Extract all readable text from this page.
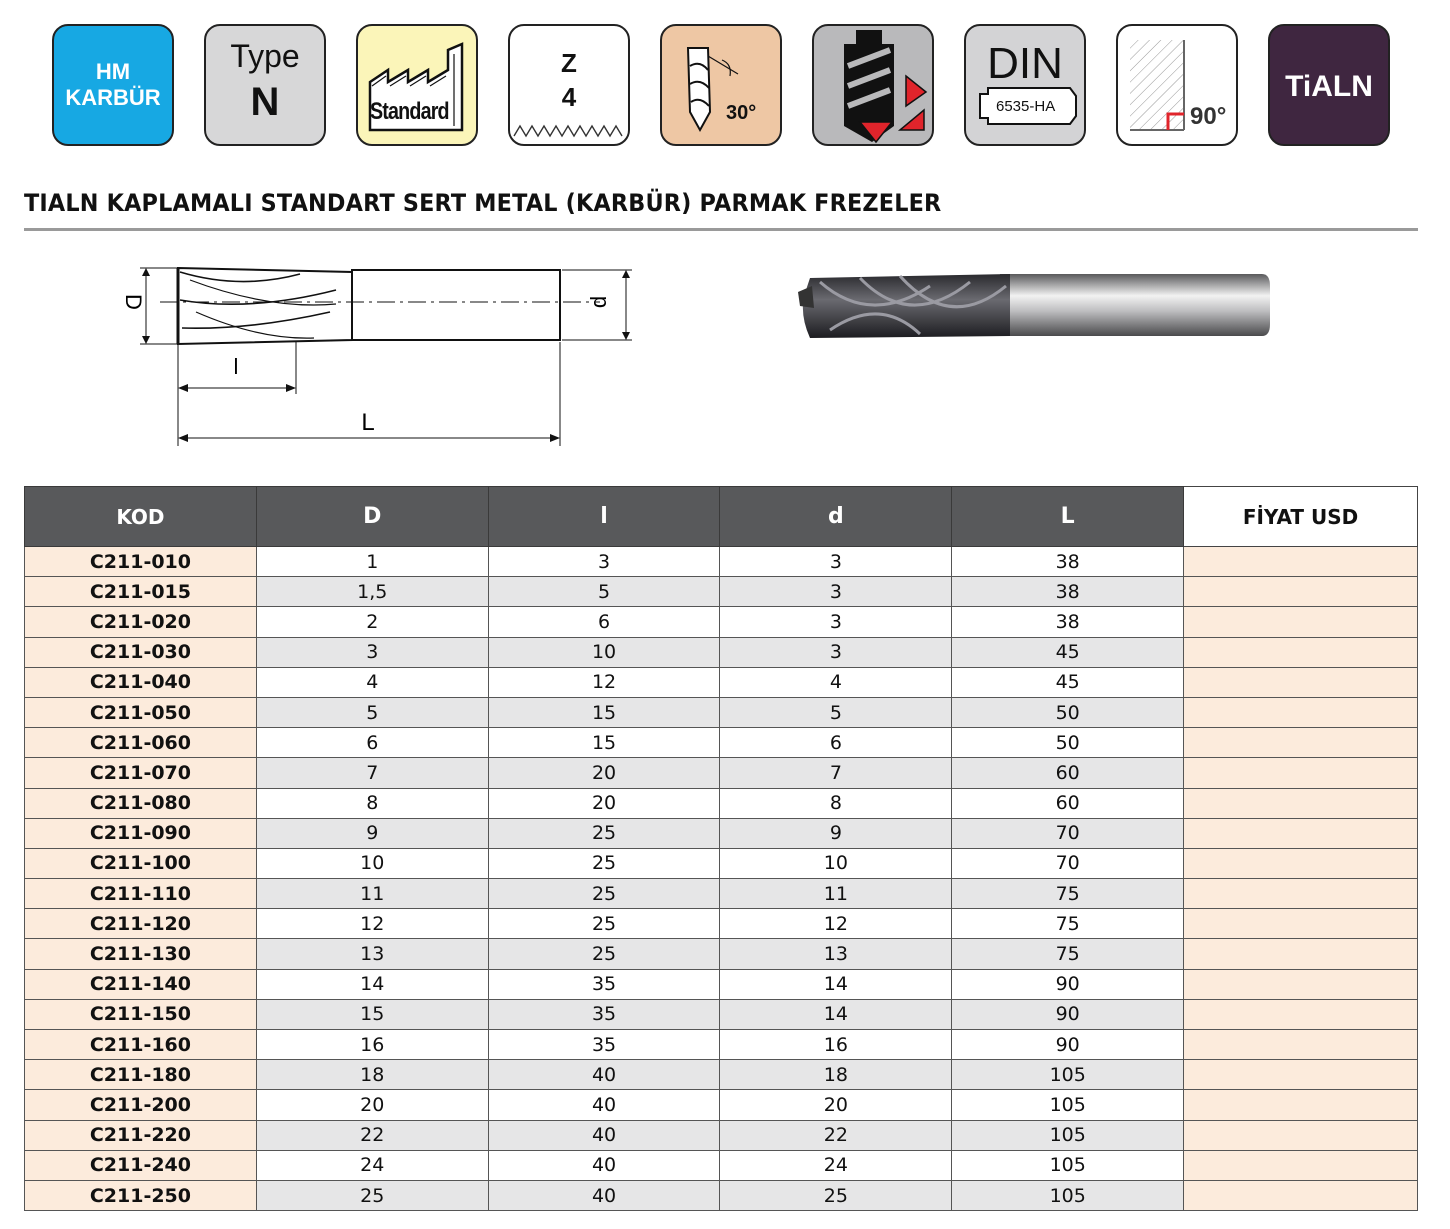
HM
KARBÜR
Type
N	Standard
Z
4
30°
DIN
6535-HA	90°
TiALN
TIALN KAPLAMALI STANDART SERT METAL (KARBÜR) PARMAK FREZELER
D	d
l
L
KOD	D	l	d	L	FİYAT USD
C211-010	1	3	3	38	
C211-015	1,5	5	3	38	
C211-020	2	6	3	38	
C211-030	3	10	3	45	
C211-040	4	12	4	45	
C211-050	5	15	5	50	
C211-060	6	15	6	50	
C211-070	7	20	7	60	
C211-080	8	20	8	60	
C211-090	9	25	9	70	
C211-100	10	25	10	70	
C211-110	11	25	11	75	
C211-120	12	25	12	75	
C211-130	13	25	13	75	
C211-140	14	35	14	90	
C211-150	15	35	14	90	
C211-160	16	35	16	90	
C211-180	18	40	18	105	
C211-200	20	40	20	105	
C211-220	22	40	22	105	
C211-240	24	40	24	105	
C211-250	25	40	25	105	
